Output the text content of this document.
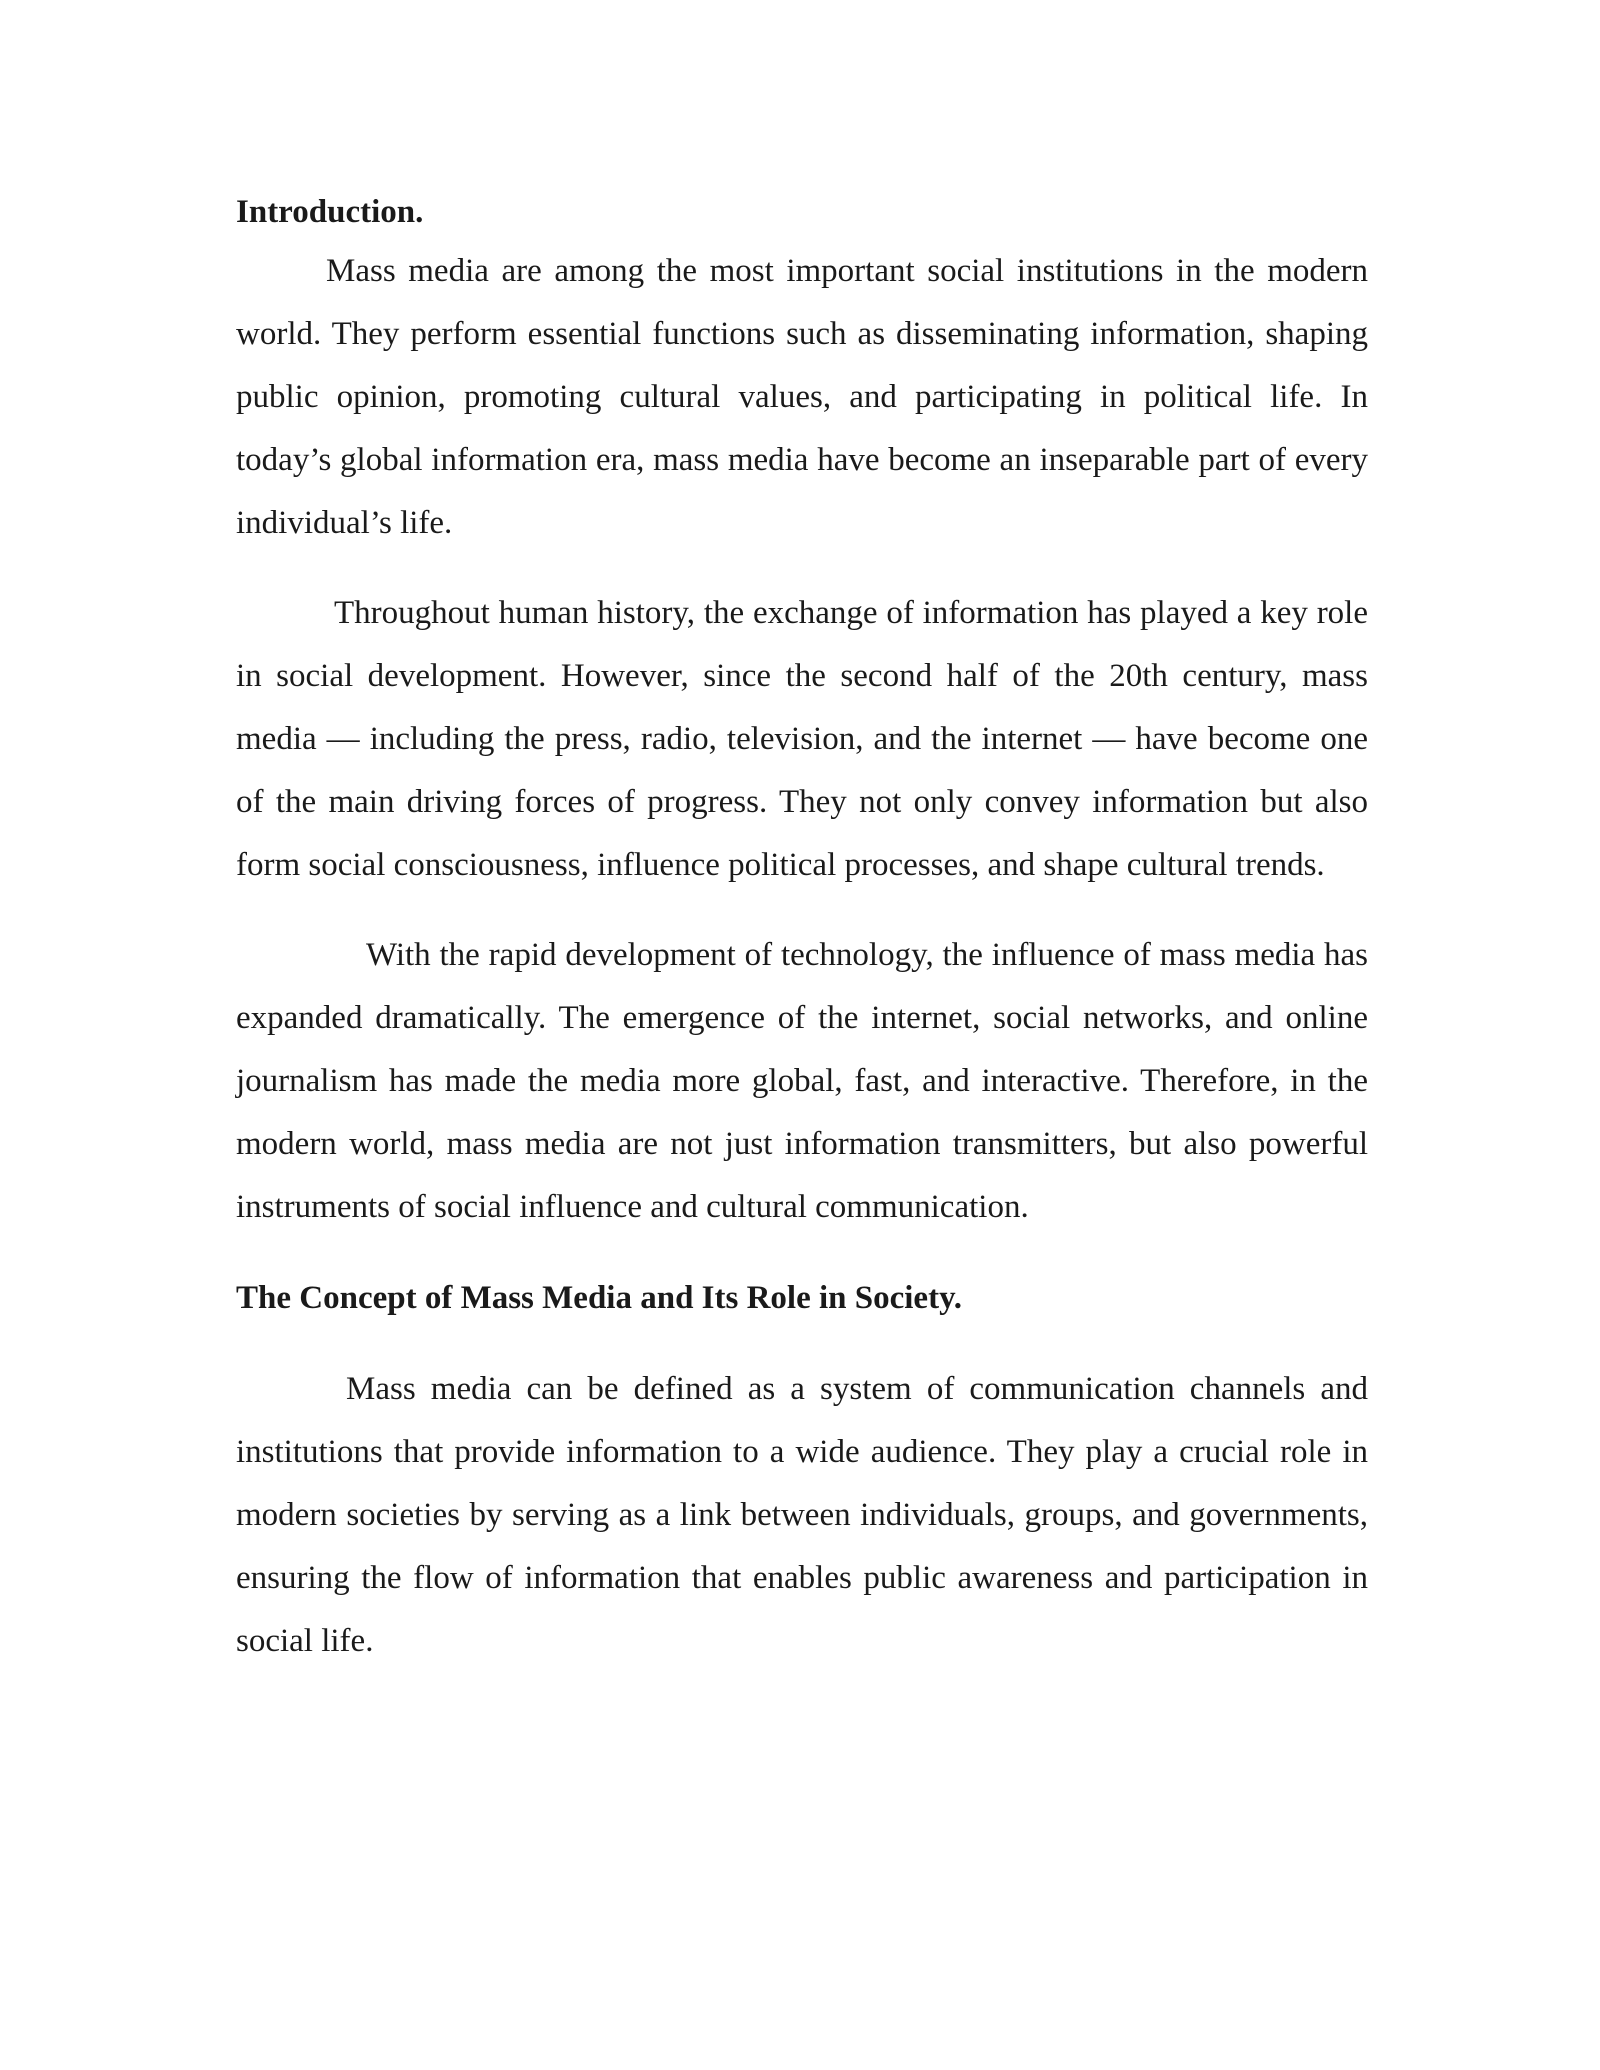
Introduction.

Mass media are among the most important social institutions in the modern world. They perform essential functions such as disseminating information, shaping public opinion, promoting cultural values, and participating in political life. In today’s global information era, mass media have become an inseparable part of every individual’s life.

Throughout human history, the exchange of information has played a key role in social development. However, since the second half of the 20th century, mass media — including the press, radio, television, and the internet — have become one of the main driving forces of progress. They not only convey information but also form social consciousness, influence political processes, and shape cultural trends.

With the rapid development of technology, the influence of mass media has expanded dramatically. The emergence of the internet, social networks, and online journalism has made the media more global, fast, and interactive. Therefore, in the modern world, mass media are not just information transmitters, but also powerful instruments of social influence and cultural communication.

The Concept of Mass Media and Its Role in Society.

Mass media can be defined as a system of communication channels and institutions that provide information to a wide audience. They play a crucial role in modern societies by serving as a link between individuals, groups, and governments, ensuring the flow of information that enables public awareness and participation in social life.
